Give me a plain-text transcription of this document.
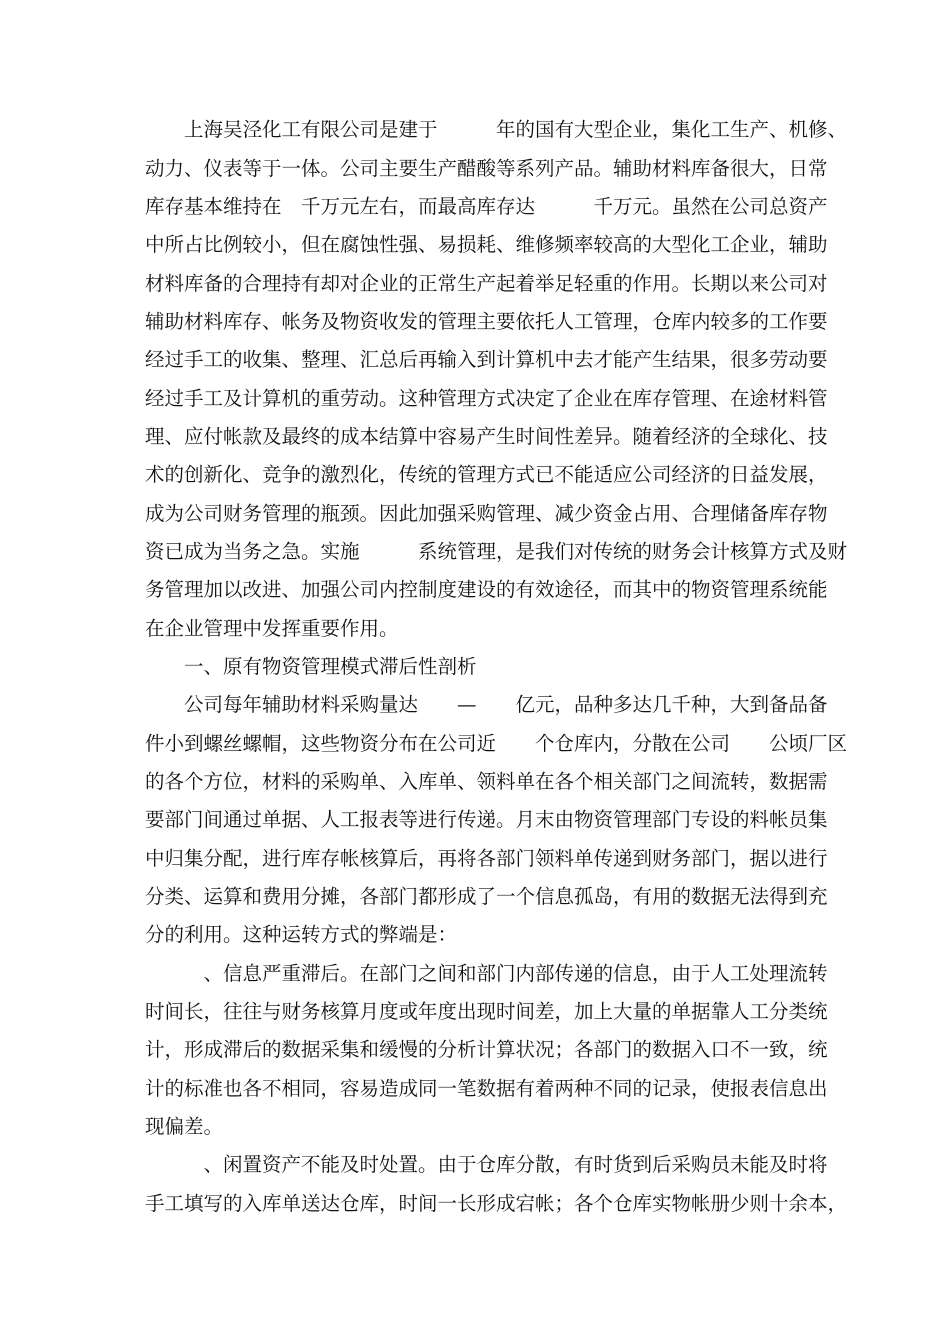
上海吴泾化工有限公司是建于　　　年的国有大型企业，集化工生产、机修、

动力、仪表等于一体。公司主要生产醋酸等系列产品。辅助材料库备很大，日常

库存基本维持在　千万元左右，而最高库存达　　　千万元。虽然在公司总资产

中所占比例较小，但在腐蚀性强、易损耗、维修频率较高的大型化工企业，辅助

材料库备的合理持有却对企业的正常生产起着举足轻重的作用。长期以来公司对

辅助材料库存、帐务及物资收发的管理主要依托人工管理，仓库内较多的工作要

经过手工的收集、整理、汇总后再输入到计算机中去才能产生结果，很多劳动要

经过手工及计算机的重劳动。这种管理方式决定了企业在库存管理、在途材料管

理、应付帐款及最终的成本结算中容易产生时间性差异。随着经济的全球化、技

术的创新化、竞争的激烈化，传统的管理方式已不能适应公司经济的日益发展，

成为公司财务管理的瓶颈。因此加强采购管理、减少资金占用、合理储备库存物

资已成为当务之急。实施　　　系统管理，是我们对传统的财务会计核算方式及财

务管理加以改进、加强公司内控制度建设的有效途径，而其中的物资管理系统能

在企业管理中发挥重要作用。

一、原有物资管理模式滞后性剖析

公司每年辅助材料采购量达　　—　　亿元，品种多达几千种，大到备品备

件小到螺丝螺帽，这些物资分布在公司近　　个仓库内，分散在公司　　公顷厂区

的各个方位，材料的采购单、入库单、领料单在各个相关部门之间流转，数据需

要部门间通过单据、人工报表等进行传递。月末由物资管理部门专设的料帐员集

中归集分配，进行库存帐核算后，再将各部门领料单传递到财务部门，据以进行

分类、运算和费用分摊，各部门都形成了一个信息孤岛，有用的数据无法得到充

分的利用。这种运转方式的弊端是：

　、信息严重滞后。在部门之间和部门内部传递的信息，由于人工处理流转

时间长，往往与财务核算月度或年度出现时间差，加上大量的单据靠人工分类统

计，形成滞后的数据采集和缓慢的分析计算状况；各部门的数据入口不一致，统

计的标准也各不相同，容易造成同一笔数据有着两种不同的记录，使报表信息出

现偏差。

　、闲置资产不能及时处置。由于仓库分散，有时货到后采购员未能及时将

手工填写的入库单送达仓库，时间一长形成宕帐；各个仓库实物帐册少则十余本，
